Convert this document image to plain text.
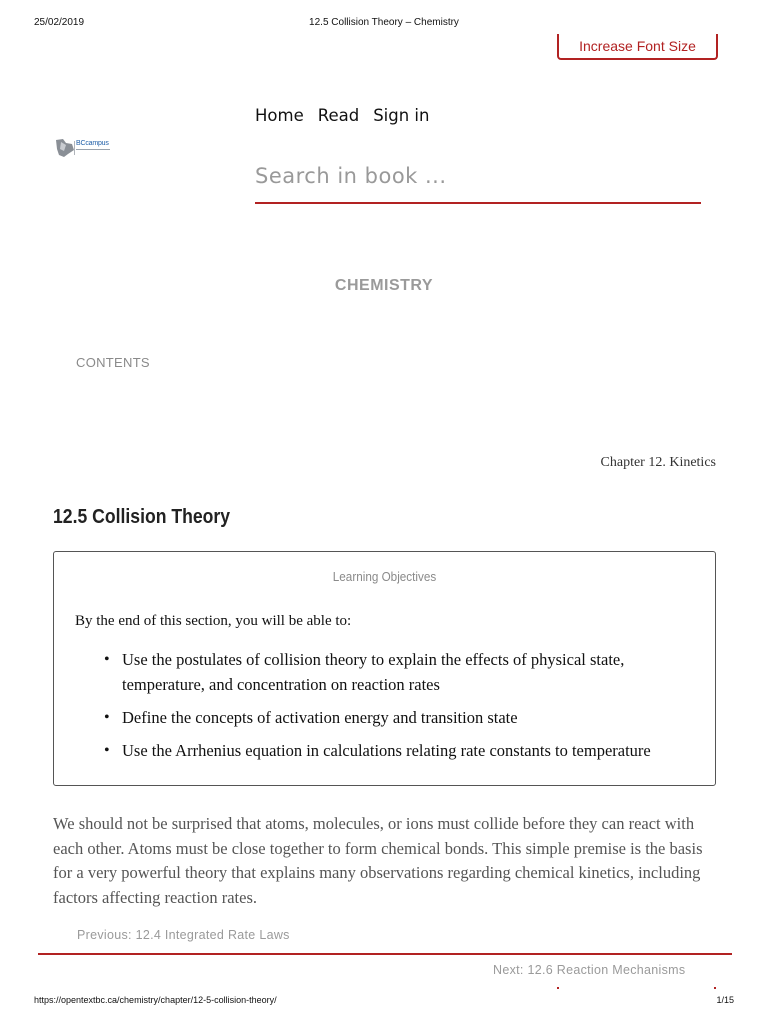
25/02/2019	12.5 Collision Theory – Chemistry
Increase Font Size
Home Read Sign in
BCcampus
Search in book ...
CHEMISTRY
CONTENTS
Chapter 12. Kinetics
12.5 Collision Theory
Learning Objectives
By the end of this section, you will be able to:
• Use the postulates of collision theory to explain the effects of physical state, temperature, and concentration on reaction rates
• Define the concepts of activation energy and transition state
• Use the Arrhenius equation in calculations relating rate constants to temperature
We should not be surprised that atoms, molecules, or ions must collide before they can react with each other. Atoms must be close together to form chemical bonds. This simple premise is the basis for a very powerful theory that explains many observations regarding chemical kinetics, including factors affecting reaction rates.
Previous: 12.4 Integrated Rate Laws
Next: 12.6 Reaction Mechanisms
https://opentextbc.ca/chemistry/chapter/12-5-collision-theory/	1/15
